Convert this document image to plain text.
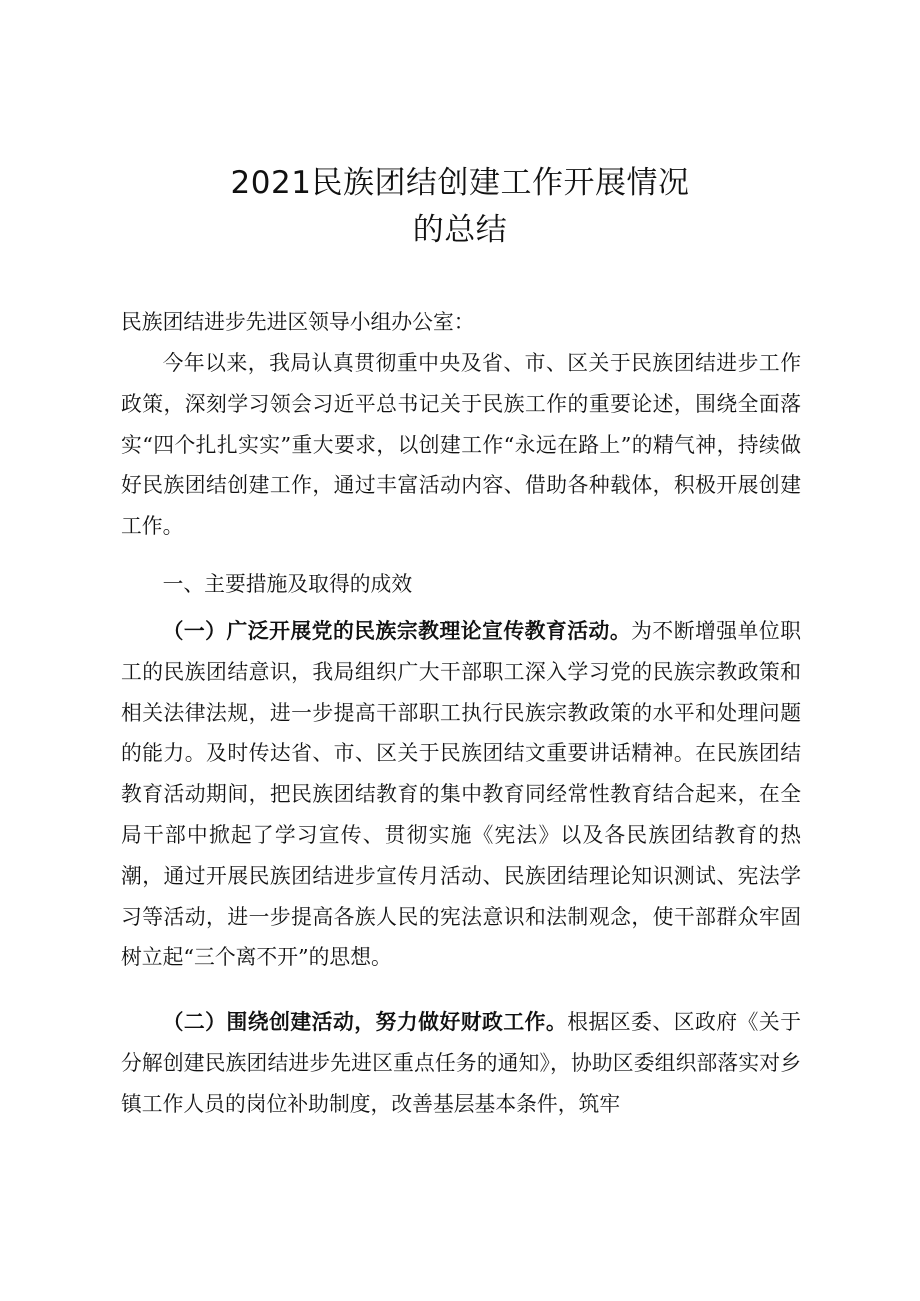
2021民族团结创建工作开展情况
的总结

民族团结进步先进区领导小组办公室：

今年以来，我局认真贯彻重中央及省、市、区关于民族团结进步工作政策，深刻学习领会习近平总书记关于民族工作的重要论述，围绕全面落实“四个扎扎实实”重大要求，以创建工作“永远在路上”的精气神，持续做好民族团结创建工作，通过丰富活动内容、借助各种载体，积极开展创建工作。

一、主要措施及取得的成效

（一）广泛开展党的民族宗教理论宣传教育活动。为不断增强单位职工的民族团结意识，我局组织广大干部职工深入学习党的民族宗教政策和相关法律法规，进一步提高干部职工执行民族宗教政策的水平和处理问题的能力。及时传达省、市、区关于民族团结文重要讲话精神。在民族团结教育活动期间，把民族团结教育的集中教育同经常性教育结合起来，在全局干部中掀起了学习宣传、贯彻实施《宪法》以及各民族团结教育的热潮，通过开展民族团结进步宣传月活动、民族团结理论知识测试、宪法学习等活动，进一步提高各族人民的宪法意识和法制观念，使干部群众牢固树立起“三个离不开”的思想。

（二）围绕创建活动，努力做好财政工作。根据区委、区政府《关于分解创建民族团结进步先进区重点任务的通知》，协助区委组织部落实对乡镇工作人员的岗位补助制度，改善基层基本条件，筑牢
